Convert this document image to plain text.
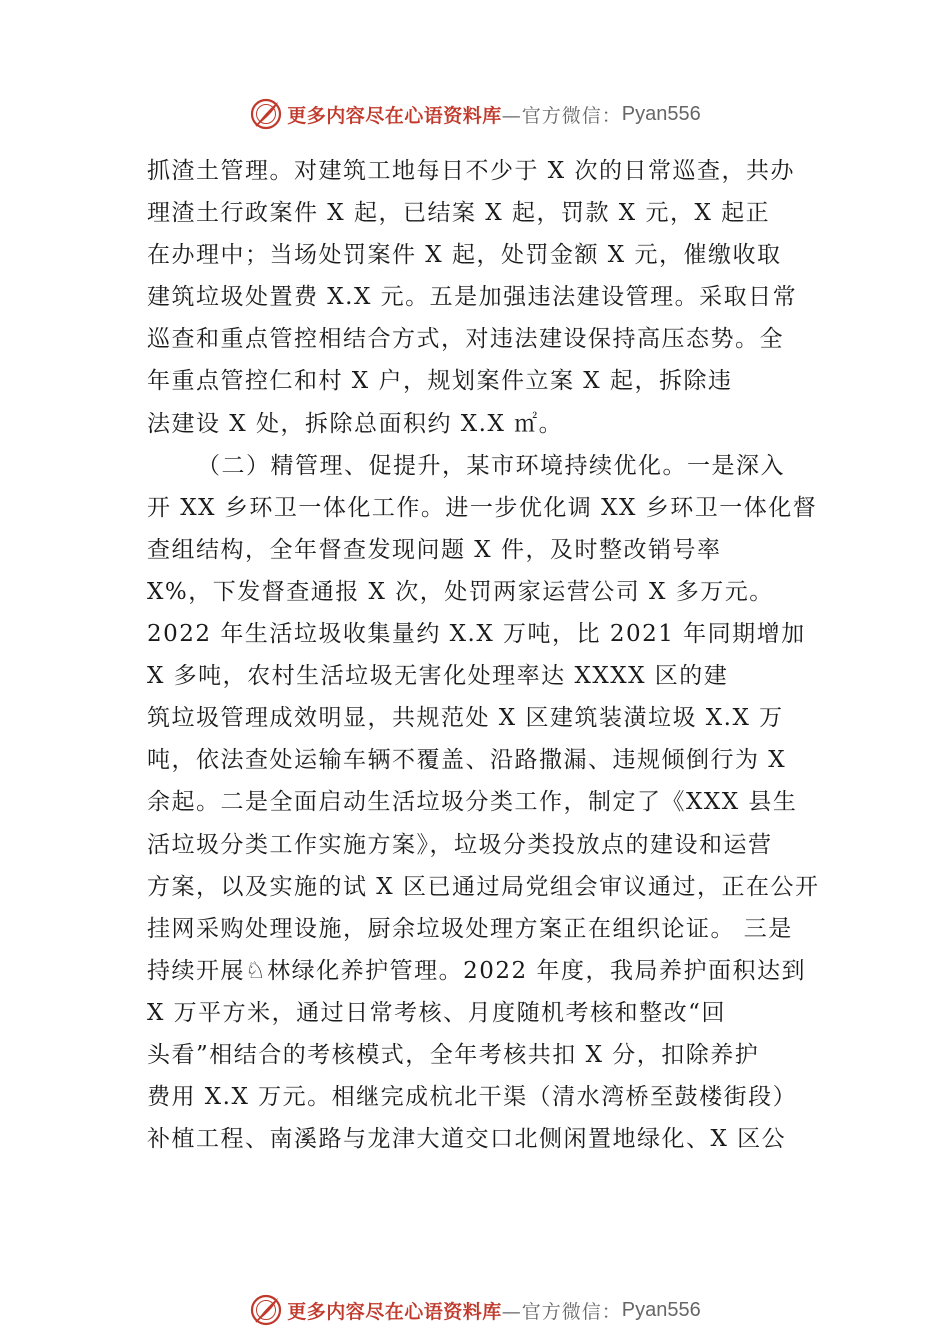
更多内容尽在心语资料库 —官方微信： Pyan556
抓渣土管理。对建筑工地每日不少于 X 次的日常巡查，共办
理渣土行政案件 X 起，已结案 X 起，罚款 X 元，X 起正
在办理中；当场处罚案件 X 起，处罚金额 X 元，催缴收取
建筑垃圾处置费 X.X 元。五是加强违法建设管理。采取日常
巡查和重点管控相结合方式，对违法建设保持高压态势。全
年重点管控仁和村 X 户，规划案件立案 X 起，拆除违
法建设 X 处，拆除总面积约 X.X ㎡。
（二）精管理、促提升，某市环境持续优化。一是深入
开 XX 乡环卫一体化工作。进一步优化调 XX 乡环卫一体化督
查组结构，全年督查发现问题 X 件，及时整改销号率
X%，下发督查通报 X 次，处罚两家运营公司 X 多万元。
2022 年生活垃圾收集量约 X.X 万吨，比 2021 年同期增加
X 多吨，农村生活垃圾无害化处理率达 XXXX 区的建
筑垃圾管理成效明显，共规范处 X 区建筑装潢垃圾 X.X 万
吨，依法查处运输车辆不覆盖、沿路撒漏、违规倾倒行为 X
余起。二是全面启动生活垃圾分类工作，制定了《XXX 县生
活垃圾分类工作实施方案》，垃圾分类投放点的建设和运营
方案，以及实施的试 X 区已通过局党组会审议通过，正在公开
挂网采购处理设施，厨余垃圾处理方案正在组织论证。 三是
持续开展♘林绿化养护管理。2022 年度，我局养护面积达到
X 万平方米，通过日常考核、月度随机考核和整改“回
头看”相结合的考核模式，全年考核共扣 X 分，扣除养护
费用 X.X 万元。相继完成杭北干渠（清水湾桥至鼓楼街段）
补植工程、南溪路与龙津大道交口北侧闲置地绿化、X 区公
更多内容尽在心语资料库 —官方微信： Pyan556
